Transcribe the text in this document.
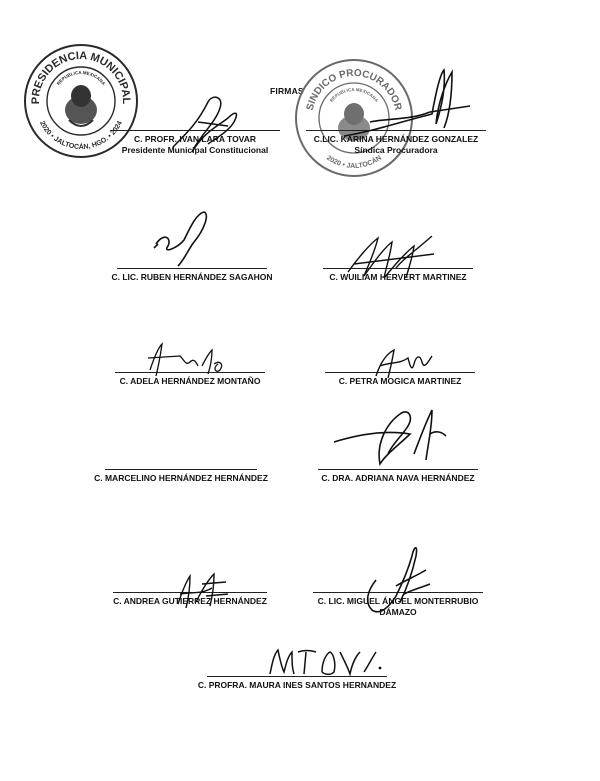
FIRMAS
PRESIDENCIA MUNICIPAL
2020 • JALTOCÁN, HGO. • 2024
REPUBLICA MEXICANA
SINDICO PROCURADOR
2020 • JALTOCÁN
REPUBLICA MEXICANA
C. PROFR. IVAN LARA TOVAR
Presidente Municipal Constitucional
C.LIC. KARINA HERNÁNDEZ GONZALEZ
Síndica Procuradora
C. LIC. RUBEN HERNÁNDEZ SAGAHON	C. WUILIAM HERVERT MARTINEZ
C. ADELA HERNÁNDEZ MONTAÑO	C. PETRA MOGICA MARTINEZ
C. MARCELINO HERNÁNDEZ HERNÁNDEZ	C. DRA. ADRIANA NAVA HERNÁNDEZ
C. ANDREA GUTIERREZ HERNÁNDEZ	C. LIC. MIGUEL ÁNGEL MONTERRUBIO
DÁMAZO
C. PROFRA. MAURA INES SANTOS HERNANDEZ
